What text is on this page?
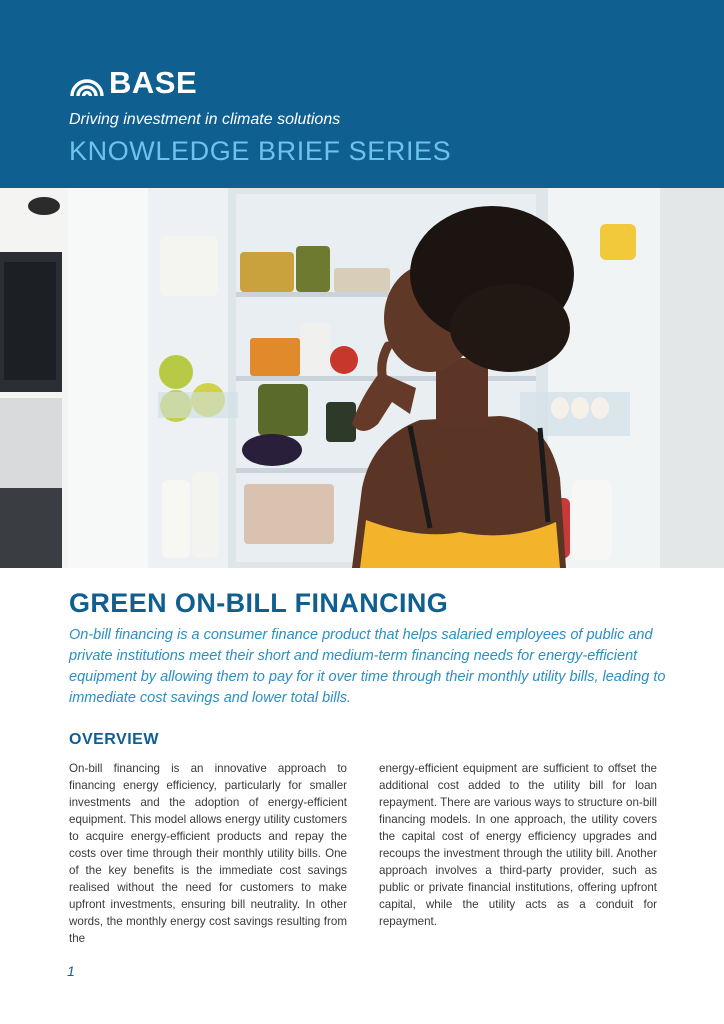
BASE
Driving investment in climate solutions
KNOWLEDGE BRIEF SERIES
GREEN ON-BILL FINANCING
On-bill financing is a consumer finance product that helps salaried employees of public and private institutions meet their short and medium-term financing needs for energy-efficient equipment by allowing them to pay for it over time through their monthly utility bills, leading to immediate cost savings and lower total bills.
OVERVIEW
On-bill financing is an innovative approach to financing energy efficiency, particularly for smaller investments and the adoption of energy-efficient equipment. This model allows energy utility customers to acquire energy-efficient products and repay the costs over time through their monthly utility bills. One of the key benefits is the immediate cost savings realised without the need for customers to make upfront investments, ensuring bill neutrality. In other words, the monthly energy cost savings resulting from the
energy-efficient equipment are sufficient to offset the additional cost added to the utility bill for loan repayment. There are various ways to structure on-bill financing models. In one approach, the utility covers the capital cost of energy efficiency upgrades and recoups the investment through the utility bill. Another approach involves a third-party provider, such as public or private financial institutions, offering upfront capital, while the utility acts as a conduit for repayment.
1
